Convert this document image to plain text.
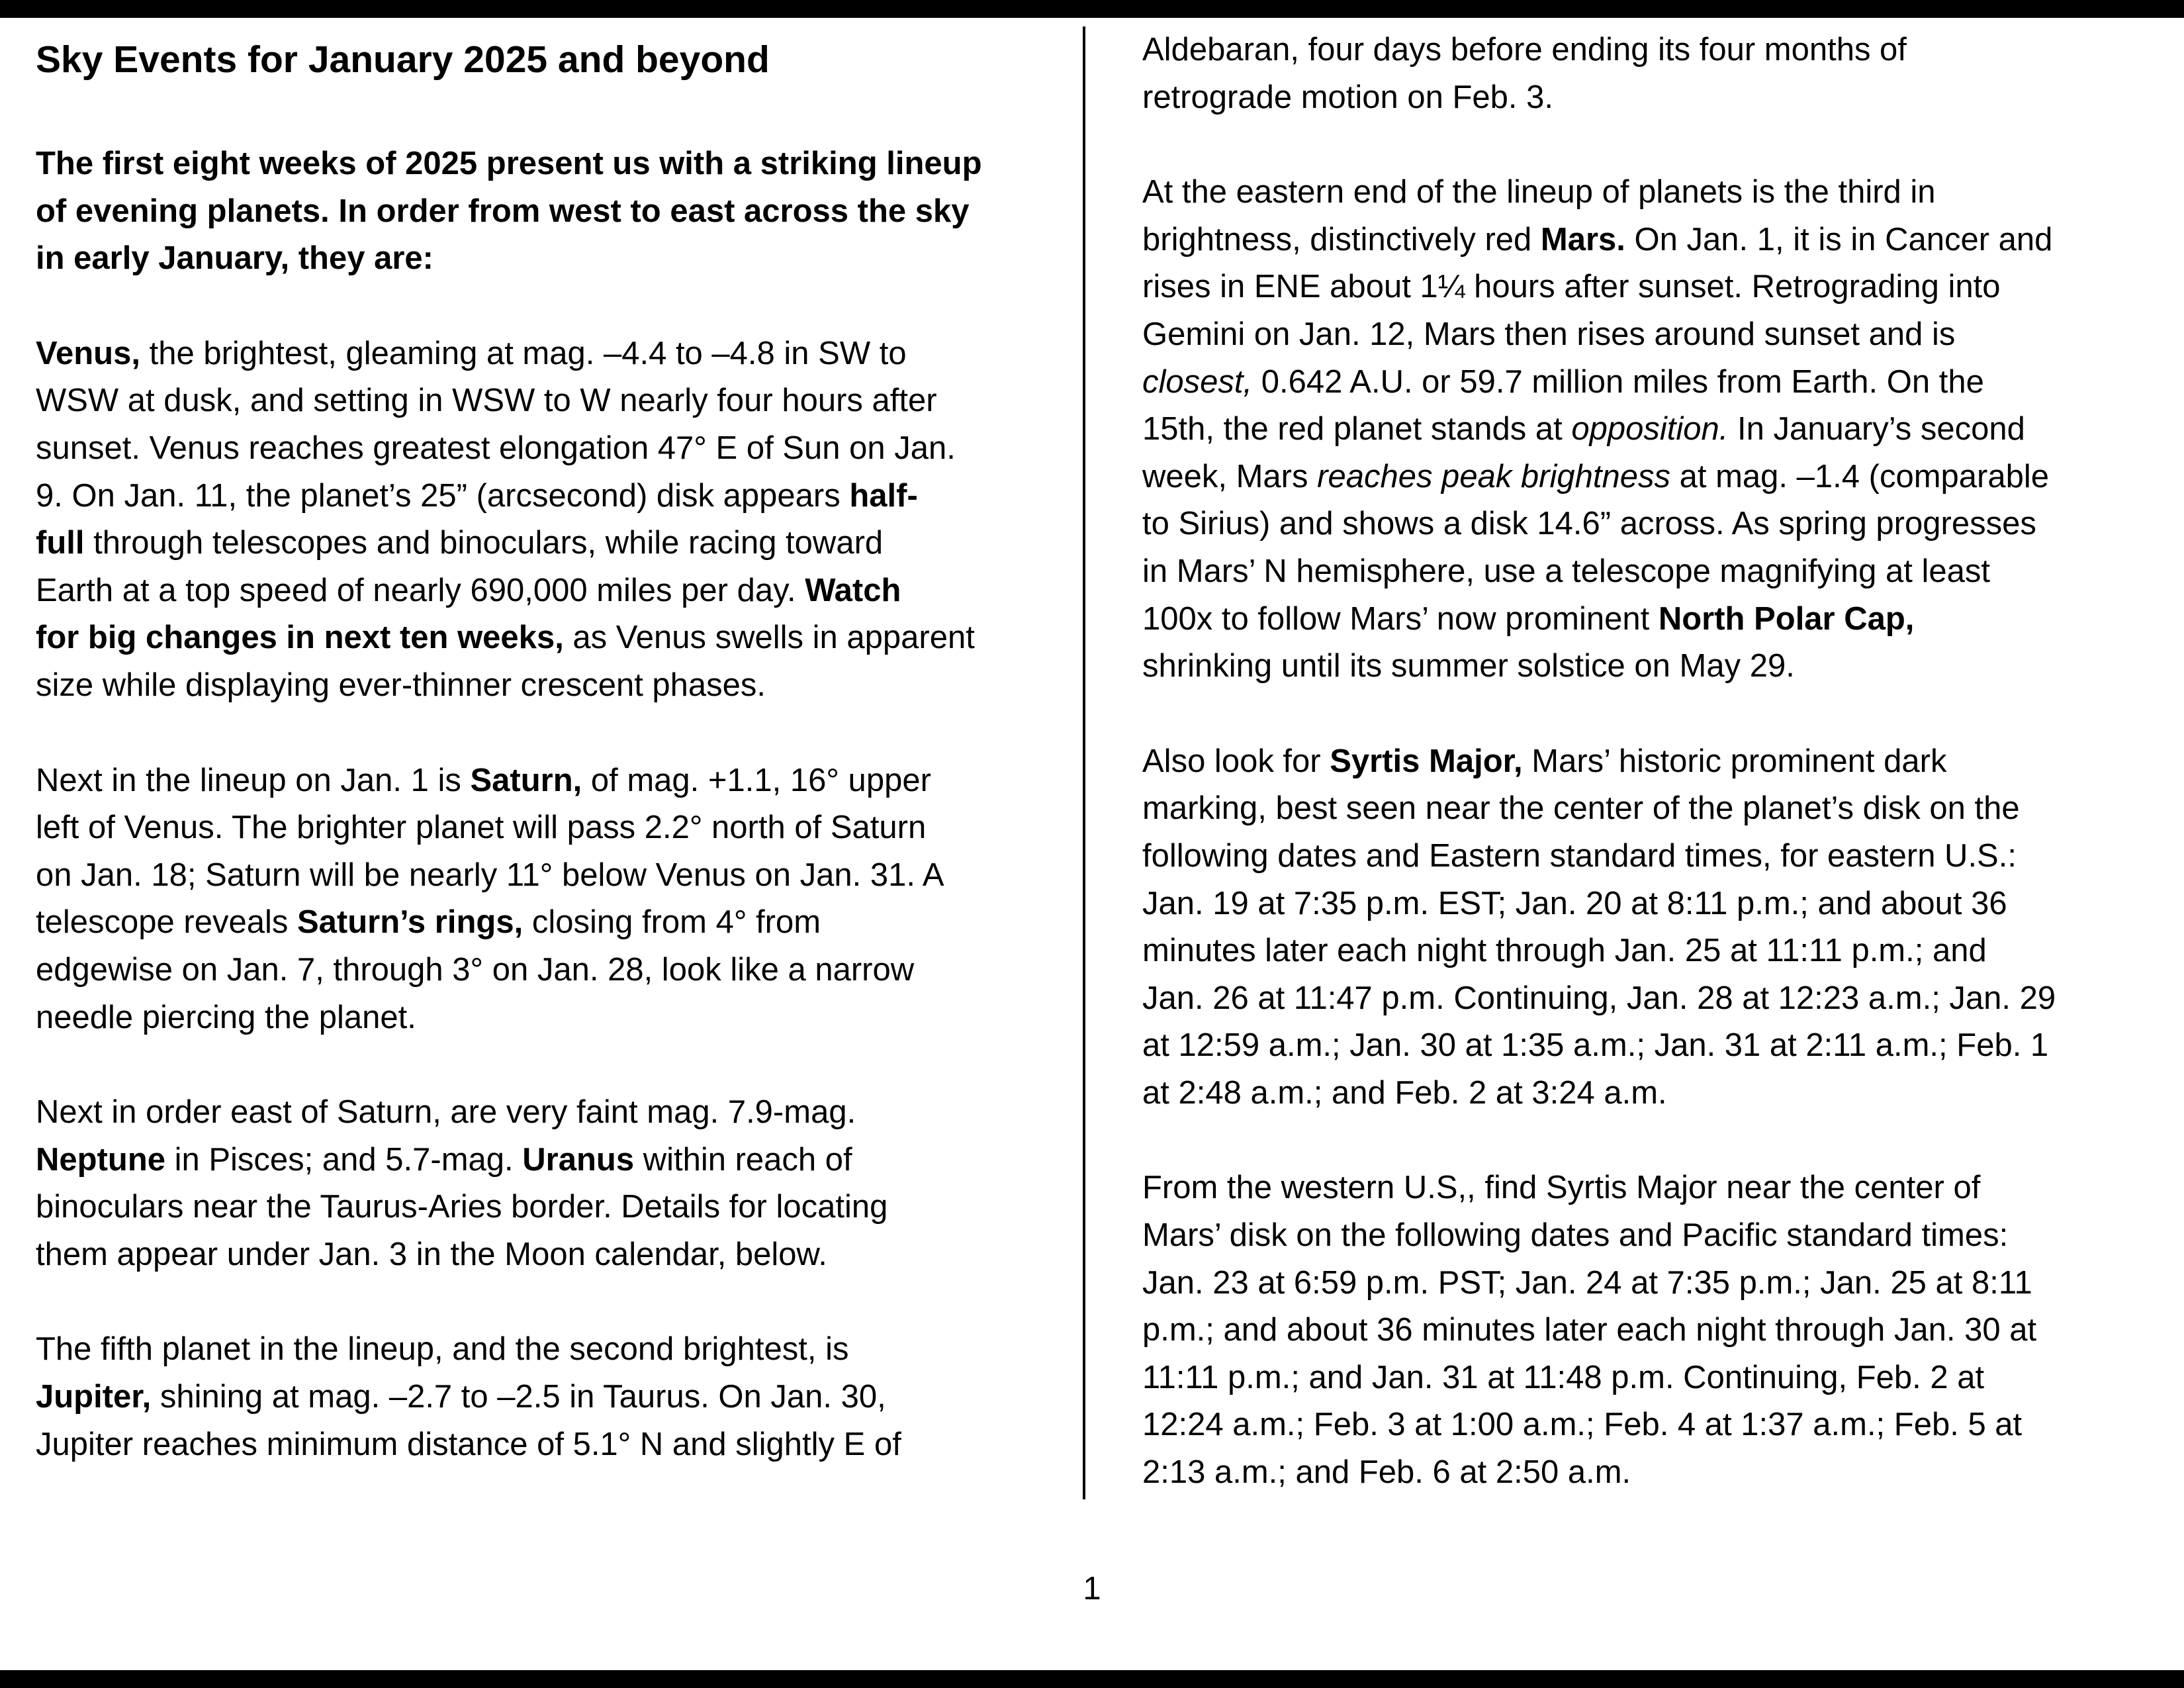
Sky Events for January 2025 and beyond

The first eight weeks of 2025 present us with a striking lineup
of evening planets. In order from west to east across the sky
in early January, they are:

Venus, the brightest, gleaming at mag. –4.4 to –4.8 in SW to
WSW at dusk, and setting in WSW to W nearly four hours after
sunset. Venus reaches greatest elongation 47° E of Sun on Jan.
9. On Jan. 11, the planet’s 25” (arcsecond) disk appears half-
full through telescopes and binoculars, while racing toward
Earth at a top speed of nearly 690,000 miles per day. Watch
for big changes in next ten weeks, as Venus swells in apparent
size while displaying ever-thinner crescent phases.

Next in the lineup on Jan. 1 is Saturn, of mag. +1.1, 16° upper
left of Venus. The brighter planet will pass 2.2° north of Saturn
on Jan. 18; Saturn will be nearly 11° below Venus on Jan. 31. A
telescope reveals Saturn’s rings, closing from 4° from
edgewise on Jan. 7, through 3° on Jan. 28, look like a narrow
needle piercing the planet.

Next in order east of Saturn, are very faint mag. 7.9-mag.
Neptune in Pisces; and 5.7-mag. Uranus within reach of
binoculars near the Taurus-Aries border. Details for locating
them appear under Jan. 3 in the Moon calendar, below.

The fifth planet in the lineup, and the second brightest, is
Jupiter, shining at mag. –2.7 to –2.5 in Taurus. On Jan. 30,
Jupiter reaches minimum distance of 5.1° N and slightly E of

Aldebaran, four days before ending its four months of
retrograde motion on Feb. 3.

At the eastern end of the lineup of planets is the third in
brightness, distinctively red Mars. On Jan. 1, it is in Cancer and
rises in ENE about 1¼ hours after sunset. Retrograding into
Gemini on Jan. 12, Mars then rises around sunset and is
closest, 0.642 A.U. or 59.7 million miles from Earth. On the
15th, the red planet stands at opposition. In January’s second
week, Mars reaches peak brightness at mag. –1.4 (comparable
to Sirius) and shows a disk 14.6” across. As spring progresses
in Mars’ N hemisphere, use a telescope magnifying at least
100x to follow Mars’ now prominent North Polar Cap,
shrinking until its summer solstice on May 29.

Also look for Syrtis Major, Mars’ historic prominent dark
marking, best seen near the center of the planet’s disk on the
following dates and Eastern standard times, for eastern U.S.:
Jan. 19 at 7:35 p.m. EST; Jan. 20 at 8:11 p.m.; and about 36
minutes later each night through Jan. 25 at 11:11 p.m.; and
Jan. 26 at 11:47 p.m. Continuing, Jan. 28 at 12:23 a.m.; Jan. 29
at 12:59 a.m.; Jan. 30 at 1:35 a.m.; Jan. 31 at 2:11 a.m.; Feb. 1
at 2:48 a.m.; and Feb. 2 at 3:24 a.m.

From the western U.S,, find Syrtis Major near the center of
Mars’ disk on the following dates and Pacific standard times:
Jan. 23 at 6:59 p.m. PST; Jan. 24 at 7:35 p.m.; Jan. 25 at 8:11
p.m.; and about 36 minutes later each night through Jan. 30 at
11:11 p.m.; and Jan. 31 at 11:48 p.m. Continuing, Feb. 2 at
12:24 a.m.; Feb. 3 at 1:00 a.m.; Feb. 4 at 1:37 a.m.; Feb. 5 at
2:13 a.m.; and Feb. 6 at 2:50 a.m.

1
